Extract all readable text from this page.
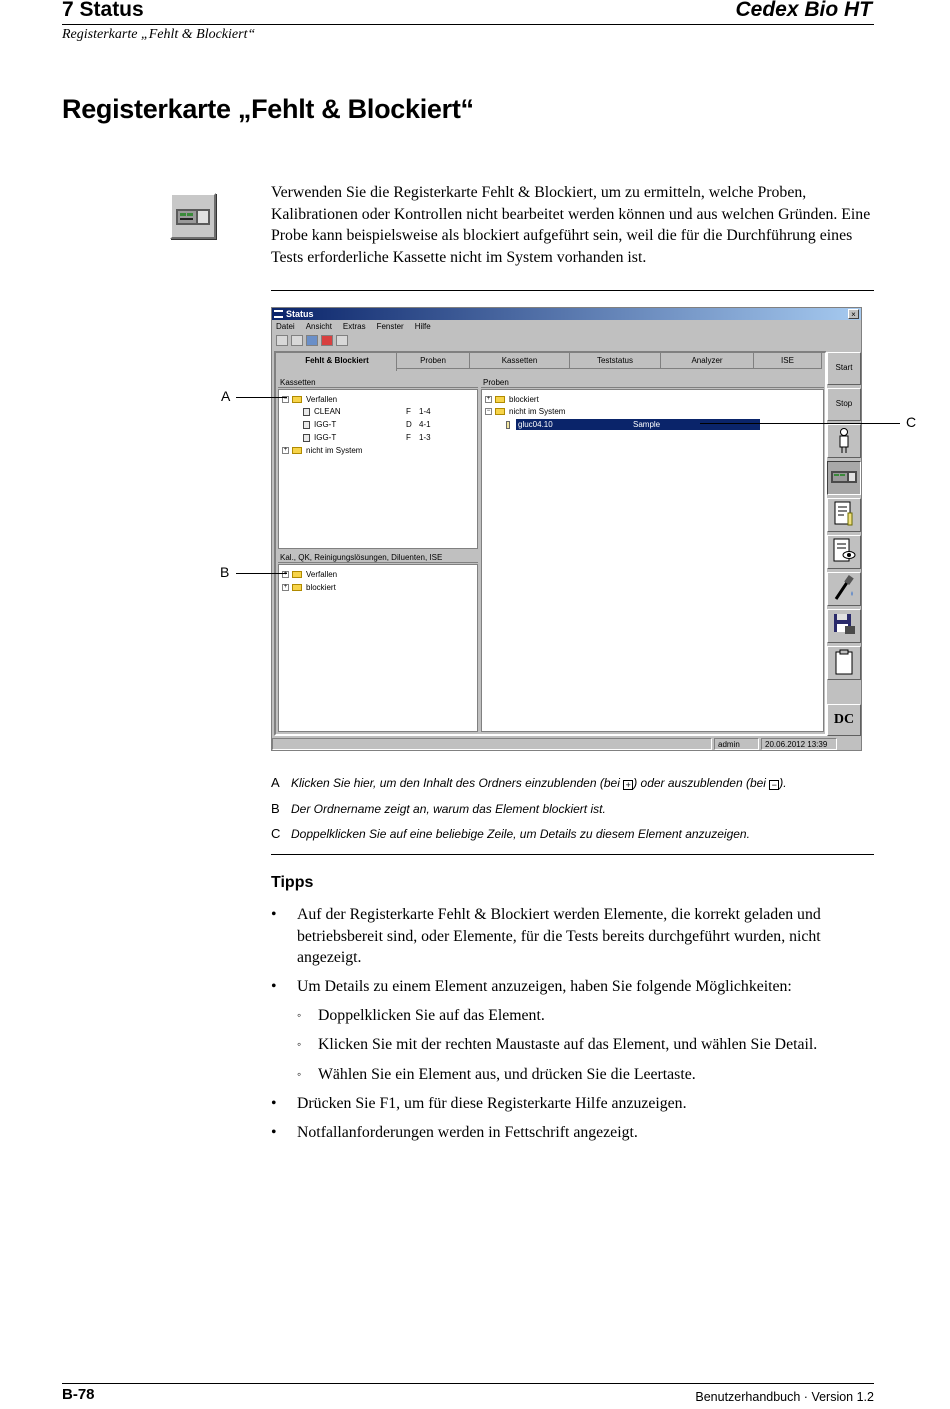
7 Status	Cedex Bio HT
Registerkarte „Fehlt & Blockiert“
Registerkarte „Fehlt & Blockiert“
Verwenden Sie die Registerkarte Fehlt & Blockiert, um zu ermitteln, welche Proben, Kalibrationen oder Kontrollen nicht bearbeitet werden können und aus welchen Gründen. Eine Probe kann beispielsweise als blockiert aufgeführt sein, weil die für die Durchführung eines Tests erforderliche Kassette nicht im System vorhanden ist.
Status	×
Datei Ansicht Extras Fenster Hilfe
Fehlt & Blockiert	Proben	Kassetten	Teststatus	Analyzer	ISE
Kassetten
− Verfallen
CLEAN	F 1-4
IGG-T	D 4-1
IGG-T	F 1-3
+ nicht im System
Proben
+ blockiert
− nicht im System
gluc04.10	Sample
Kal., QK, Reinigungslösungen, Diluenten, ISE
+ Verfallen
+ blockiert
Start
Stop
DC
admin	20.06.2012 13:39
A
C
B
A Klicken Sie hier, um den Inhalt des Ordners einzublenden (bei + ) oder auszublenden (bei − ).
B Der Ordnername zeigt an, warum das Element blockiert ist.
C Doppelklicken Sie auf eine beliebige Zeile, um Details zu diesem Element anzuzeigen.
Tipps
• Auf der Registerkarte Fehlt & Blockiert werden Elemente, die korrekt geladen und betriebsbereit sind, oder Elemente, für die Tests bereits durchgeführt wurden, nicht angezeigt.
• Um Details zu einem Element anzuzeigen, haben Sie folgende Möglichkeiten:
◦ Doppelklicken Sie auf das Element.
◦ Klicken Sie mit der rechten Maustaste auf das Element, und wählen Sie Detail.
◦ Wählen Sie ein Element aus, und drücken Sie die Leertaste.
• Drücken Sie F1, um für diese Registerkarte Hilfe anzuzeigen.
• Notfallanforderungen werden in Fettschrift angezeigt.
B-78	Benutzerhandbuch · Version 1.2
